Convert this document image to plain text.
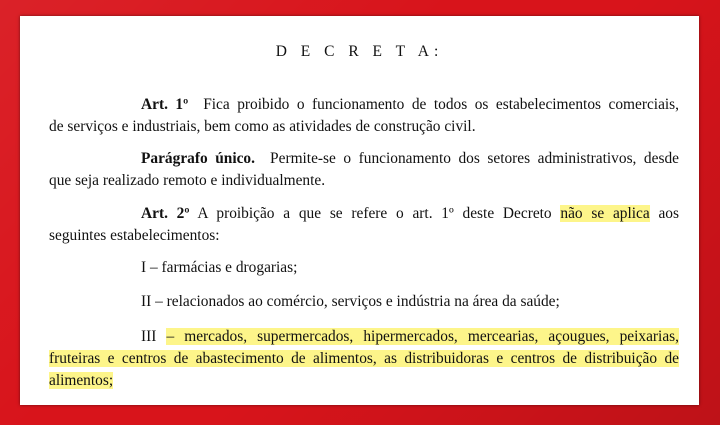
D E C R E T A:
Art. 1º Fica proibido o funcionamento de todos os estabelecimentos comerciais,
de serviços e industriais, bem como as atividades de construção civil.
Parágrafo único. Permite-se o funcionamento dos setores administrativos, desde
que seja realizado remoto e individualmente.
Art. 2º A proibição a que se refere o art. 1º deste Decreto não se aplica aos
seguintes estabelecimentos:
I – farmácias e drogarias;
II – relacionados ao comércio, serviços e indústria na área da saúde;
III – mercados, supermercados, hipermercados, mercearias, açougues, peixarias,
fruteiras e centros de abastecimento de alimentos, as distribuidoras e centros de distribuição de
alimentos;
